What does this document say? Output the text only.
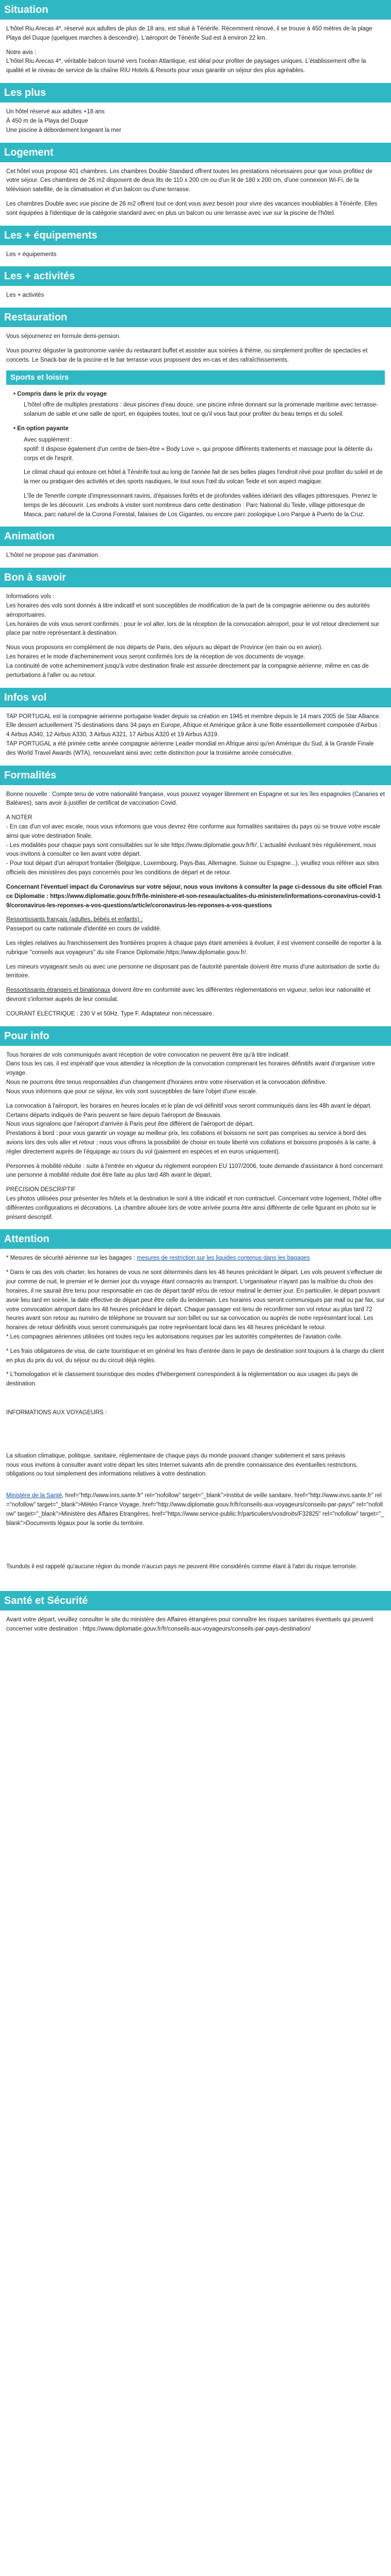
Situation

L'hôtel Riu Arecas 4*, réservé aux adultes de plus de 18 ans, est situé à Ténérife. Récemment rénové, il se trouve à 450 mètres de la plage Playa del Duque (quelques marches à descendre). L'aéroport de Ténérife Sud est à environ 22 km.

Notre avis :
L'hôtel Riu Arecas 4*, véritable balcon tourné vers l'océan Atlantique, est idéal pour profiter de paysages uniques. L'établissement offre la qualité et le niveau de service de la chaîne RIU Hotels & Resorts pour vous garantir un séjour des plus agréables.

Les plus

Un hôtel réservé aux adultes +18 ans
À 450 m de la Playa del Duque
Une piscine à débordement longeant la mer

Logement

Cet hôtel vous propose 401 chambres. Les chambres Double Standard offrent toutes les prestations nécessaires pour que vous profitiez de votre séjour. Ces chambres de 26 m2 disposent de deux lits de 110 x 200 cm ou d'un lit de 180 x 200 cm, d'une connexion Wi-Fi, de la télévision satellite, de la climatisation et d'un balcon ou d'une terrasse.

Les chambres Double avec vue piscine de 26 m2 offrent tout ce dont vous avez besoin pour vivre des vacances inoubliables à Ténérife. Elles sont équipées à l'identique de la catégorie standard avec en plus un balcon ou une terrasse avec vue sur la piscine de l'hôtel.

Les + équipements

Les + équipements

Les + activités

Les + activités

Restauration

Vous séjournerez en formule demi-pension.

Vous pourrez déguster la gastronomie variée du restaurant buffet et assister aux soirées à thème, ou simplement profiter de spectacles et concerts. Le Snack-bar de la piscine et le bar terrasse vous proposent des en-cas et des rafraîchissements.

Sports et loisirs

• Compris dans le prix du voyage

L'hôtel offre de multiples prestations : deux piscines d'eau douce, une piscine infinie donnant sur la promenade maritime avec terrasse-solarium de sable et une salle de sport, en équipées toutes, tout ce qu'il vous faut pour profiter du beau temps et du soleil.

• En option payante

Avec supplément :
spotif: Il dispose également d'un centre de bien-être « Body Love », qui propose différents traitements et massage pour la détente du corps et de l'esprit.

Le climat chaud qui entoure cet hôtel à Ténérife tout au long de l'année fait de ses belles plages l'endroit rêvé pour profiter du soleil et de la mer ou pratiquer des activités et des sports nautiques, le tout sous l'œil du volcan Teide et son aspect magique.

L'île de Tenerife compte d'impressionnant ravins, d'épaisses forêts et de profondes vallées idériant des villages pittoresques. Prenez le temps de les découvrir. Les endroits à visiter sont nombreux dans cette destination : Parc National du Teide, village pittoresque de Masca, parc naturel de la Corona Forestal, falaises de Los Gigantes, ou encore parc zoologique Loro Parque à Puerto de la Cruz.

Animation

L'hôtel ne propose pas d'animation.

Bon à savoir

Informations vols :
Les horaires des vols sont donnés à titre indicatif et sont susceptibles de modification de la part de la compagnie aérienne ou des autorités aéroportuaires.
Les horaires de vols vous seront confirmés : pour le vol aller, lors de la réception de la convocation aéroport, pour le vol retour directement sur place par notre représentant à destination.

Nous vous proposons en complément de nos départs de Paris, des séjours au départ de Province (en train ou en avion).
Les horaires et le mode d'acheminement vous seront confirmés lors de la réception de vos documents de voyage.
La continuité de votre acheminement jusqu'à votre destination finale est assurée directement par la compagnie aérienne, même en cas de perturbations à l'aller ou au retour.

Infos vol

TAP PORTUGAL est la compagnie aérienne portugaise leader depuis sa création en 1945 et membre depuis le 14 mars 2005 de Star Alliance.
Elle dessert actuellement 75 destinations dans 34 pays en Europe, Afrique et Amérique grâce à une flotte essentiellement composée d'Airbus :
4 Airbus A340, 12 Airbus A330, 3 Airbus A321, 17 Airbus A320 et 19 Airbus A319.
TAP PORTUGAL a été primée cette année compagnie aérienne Leader mondial en Afrique ainsi qu'en Amérique du Sud, à la Grande Finale des World Travel Awards (WTA), renouvelant ainsi avec cette distinction pour la troisième année consécutive.

Formalités

Bonne nouvelle : Compte tenu de votre nationalité française, vous pouvez voyager librement en Espagne et sur les îles espagnoles (Canaries et Baléares), sans avoir à justifier de certificat de vaccination Covid.

A NOTER
- En cas d'un vol avec escale, nous vous informons que vous devrez être conforme aux formalités sanitaires du pays où se trouve votre escale ainsi que votre destination finale.
- Les modalités pour chaque pays sont consultables sur le site https://www.diplomatie.gouv.fr/fr/. L'actualité évoluant très régulièrement, nous vous invitons à consulter ce lien avant votre départ.
- Pour tout départ d'un aéroport frontalier (Belgique, Luxembourg, Pays-Bas, Allemagne, Suisse ou Espagne...), veuillez vous référer aux sites officiels des ministères des pays concernés pour les conditions de départ et de retour.

Concernant l'éventuel impact du Coronavirus sur votre séjour, nous vous invitons à consulter la page ci-dessous du site officiel France Diplomatie : https://www.diplomatie.gouv.fr/fr/le-ministere-et-son-reseau/actualites-du-ministere/informations-coronavirus-covid-19/coronavirus-les-reponses-a-vos-questions/article/coronavirus-les-reponses-a-vos-questions

Ressortissants français (adultes, bébés et enfants) :
Passeport ou carte nationale d'identité en cours de validité.

Les règles relatives au franchissement des frontières propres à chaque pays étant amenées à évoluer, il est vivement conseillé de reporter à la rubrique "conseils aux voyageurs" du site France Diplomatie,https://www.diplomatie.gouv.fr/.

Les mineurs voyageant seuls ou avec une personne ne disposant pas de l'autorité parentale doivent être munis d'une autorisation de sortie du territoire.

Ressortissants étrangers et binationaux doivent être en conformité avec les différentes réglementations en vigueur, selon leur nationalité et devront s'informer auprès de leur consulat.

COURANT ELECTRIQUE : 230 V et 50Hz. Type F. Adaptateur non nécessaire.

Pour info

Tous horaires de vols communiqués avant réception de votre convocation ne peuvent être qu'à titre indicatif.
Dans tous les cas, il est impératif que vous attendiez la réception de la convocation comprenant les horaires définitifs avant d'organiser votre voyage.
Nous ne pourrons être tenus responsables d'un changement d'horaires entre votre réservation et la convocation définitive.
Nous vous informons que pour ce séjour, les vols sont susceptibles de faire l'objet d'une escale.

La convocation à l'aéroport, les horaires en heures locales et le plan de vol définitif vous seront communiqués dans les 48h avant le départ.
Certains départs indiqués de Paris peuvent se faire depuis l'aéroport de Beauvais.
Nous vous signalons que l'aéroport d'arrivée à Paris peut être différent de l'aéroport de départ.
Prestations à bord : pour vous garantir un voyage au meilleur prix, les collations et boissons ne sont pas comprises au service à bord des avions lors des vols aller et retour ; nous vous offrons la possibilité de choisir en toute liberté vos collations et boissons proposés à la carte, à régler directement auprès de l'équipage au cours du vol (paiement en espèces et en euros uniquement).

Personnes à mobilité réduite : suite à l'entrée en vigueur du règlement européen EU 1107/2006, toute demande d'assistance à bord concernant une personne à mobilité réduite doit être faite au plus tard 48h avant le départ.

PRÉCISION DESCRIPTIF
Les photos utilisées pour présenter les hôtels et la destination le sont à titre indicatif et non contractuel. Concernant votre logement, l'hôtel offre différentes configurations et décorations. La chambre allouée lors de votre arrivée pourra être ainsi différente de celle figurant en photo sur le présent descriptif.

Attention

* Mesures de sécurité aérienne sur les bagages : mesures de restriction sur les liquides contenus dans les bagages

* Dans le cas des vols charter, les horaires de vous ne sont déterminés dans les 48 heures précédant le départ. Les vols peuvent s'effectuer de jour comme de nuit, le premier et le dernier jour du voyage étant consacrés au transport. L'organisateur n'ayant pas la maîtrise du choix des horaires, il ne saurait être tenu pour responsable en cas de départ tardif et/ou de retour matinal le dernier jour. En particulier, le départ pouvant avoir lieu tard en soirée, la date effective de départ peut être celle du lendemain. Les horaires vous seront communiqués par mail ou par fax, sur votre convocation aéroport dans les 48 heures précédant le départ. Chaque passager est tenu de reconfirmer son vol retour au plus tard 72 heures avant son retour au numéro de téléphone se trouvant sur son billet ou sur sa convocation ou auprès de notre représentant local. Les horaires de retour définitifs vous seront communiqués par notre représentant local dans les 48 heures précédant le retour.
* Les compagnies aériennes utilisées ont toutes reçu les autorisations requises par les autorités compétentes de l'aviation civile.

* Les frais obligatoires de visa, de carte touristique et en général les frais d'entrée dans le pays de destination sont toujours à la charge du client en plus du prix du vol, du séjour ou du circuit déjà réglés.

* L'homologation et le classement touristique des modes d'hébergement correspondent à la réglementation ou aux usages du pays de destination.

INFORMATIONS AUX VOYAGEURS :

La situation climatique, politique, sanitaire, réglementaire de chaque pays du monde pouvant changer subitement et sans préavis
nous vous invitons à consulter avant votre départ les sites Internet suivants afin de prendre connaissance des éventuelles restrictions, obligations ou tout simplement des informations relatives à votre destination.

Ministère de la Santé, href="http://www.inrs.sante.fr" rel="nofollow" target="_blank">Institut de veille sanitaire, href="http://www.invs.sante.fr" rel="nofollow" target="_blank">Météo France Voyage, href="http://www.diplomatie.gouv.fr/fr/conseils-aux-voyageurs/conseils-par-pays/" rel="nofollow" target="_blank">Ministère des Affaires Etrangères, href="https://www.service-public.fr/particuliers/vosdroits/F32825" rel="nofollow" target="_blank">Documents légaux pour la sortie du territoire.

Tsunduts il est rappelé qu'aucune région du monde n'aucun pays ne peuvent être considérés comme étant à l'abri du risque terroriste.

Santé et Sécurité

Avant votre départ, veuillez consulter le site du ministère des Affaires étrangères pour connaître les risques sanitaires éventuels qui peuvent concerner votre destination : https://www.diplomatie.gouv.fr/fr/conseils-aux-voyageurs/conseils-par-pays-destination/
